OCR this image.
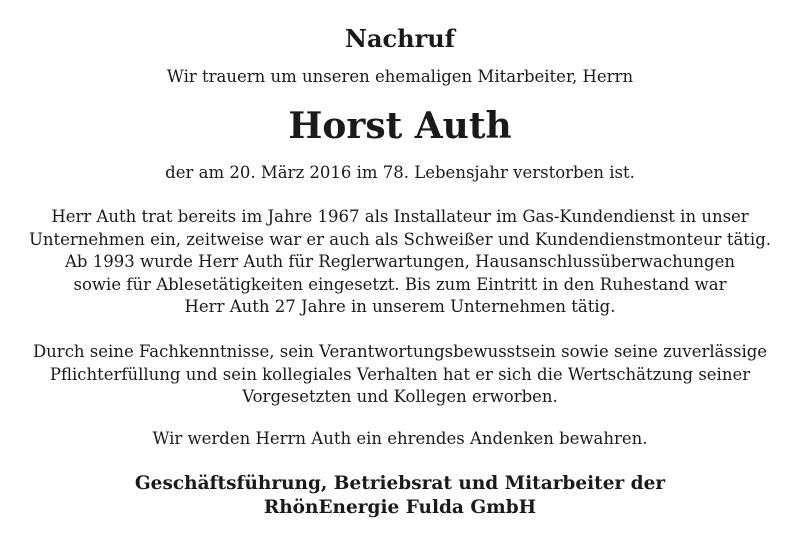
Nachruf
Wir trauern um unseren ehemaligen Mitarbeiter, Herrn
Horst Auth
der am 20. März 2016 im 78. Lebensjahr verstorben ist.
Herr Auth trat bereits im Jahre 1967 als Installateur im Gas-Kundendienst in unser
Unternehmen ein, zeitweise war er auch als Schweißer und Kundendienstmonteur tätig.
Ab 1993 wurde Herr Auth für Reglerwartungen, Hausanschlussüberwachungen
sowie für Ablesetätigkeiten eingesetzt. Bis zum Eintritt in den Ruhestand war
Herr Auth 27 Jahre in unserem Unternehmen tätig.
Durch seine Fachkenntnisse, sein Verantwortungsbewusstsein sowie seine zuverlässige
Pflichterfüllung und sein kollegiales Verhalten hat er sich die Wertschätzung seiner
Vorgesetzten und Kollegen erworben.
Wir werden Herrn Auth ein ehrendes Andenken bewahren.
Geschäftsführung, Betriebsrat und Mitarbeiter der
RhönEnergie Fulda GmbH
